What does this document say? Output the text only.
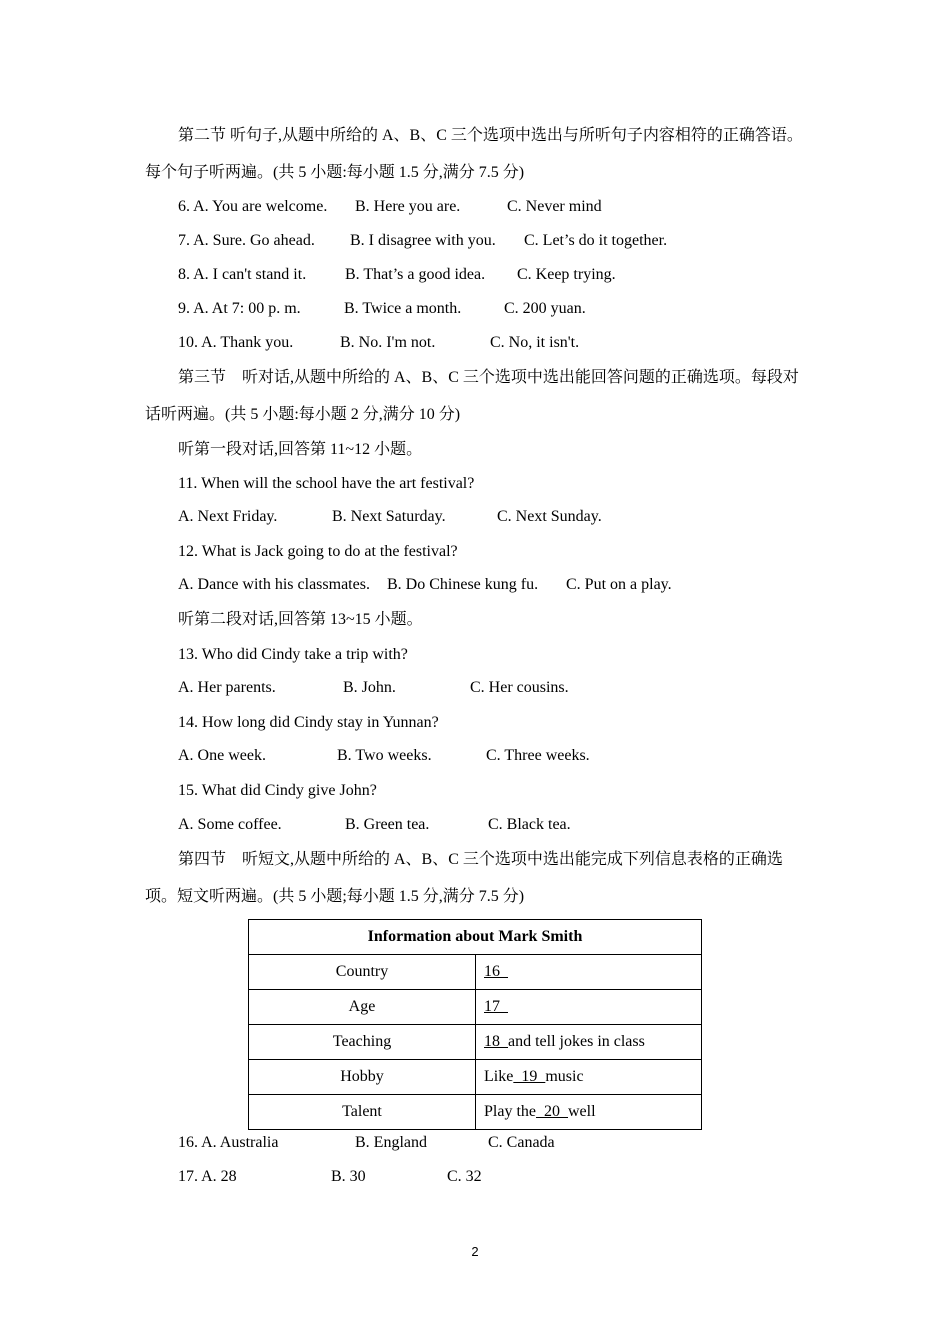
第二节 听句子,从题中所给的 A、B、C 三个选项中选出与所听句子内容相符的正确答语。
每个句子听两遍。(共 5 小题:每小题 1.5 分,满分 7.5 分)
6. A. You are welcome. B. Here you are.	C. Never mind
7. A. Sure. Go ahead. B. I disagree with you. C. Let’s do it together.
8. A. I can't stand it. B. That’s a good idea. C. Keep trying.
9. A. At 7: 00 p. m.	B. Twice a month.	C. 200 yuan.
10. A. Thank you.	B. No. I'm not.	C. No, it isn't.
第三节　听对话,从题中所给的 A、B、C 三个选项中选出能回答问题的正确选项。每段对
话听两遍。(共 5 小题:每小题 2 分,满分 10 分)
听第一段对话,回答第 11~12 小题。
11. When will the school have the art festival?
A. Next Friday.	B. Next Saturday.	C. Next Sunday.
12. What is Jack going to do at the festival?
A. Dance with his classmates. B. Do Chinese kung fu. C. Put on a play.
听第二段对话,回答第 13~15 小题。
13. Who did Cindy take a trip with?
A. Her parents.	B. John.	C. Her cousins.
14. How long did Cindy stay in Yunnan?
A. One week.	B. Two weeks.	C. Three weeks.
15. What did Cindy give John?
A. Some coffee.	B. Green tea.	C. Black tea.
第四节　听短文,从题中所给的 A、B、C 三个选项中选出能完成下列信息表格的正确选
项。短文听两遍。(共 5 小题;每小题 1.5 分,满分 7.5 分)
Information about Mark Smith	
Country	16
Age	17
Teaching	18  and tell jokes in class
Hobby	Like  19  music
Talent	Play the  20  well
16. A. Australia	B. England	C. Canada
17. A. 28	B. 30	C. 32
2
